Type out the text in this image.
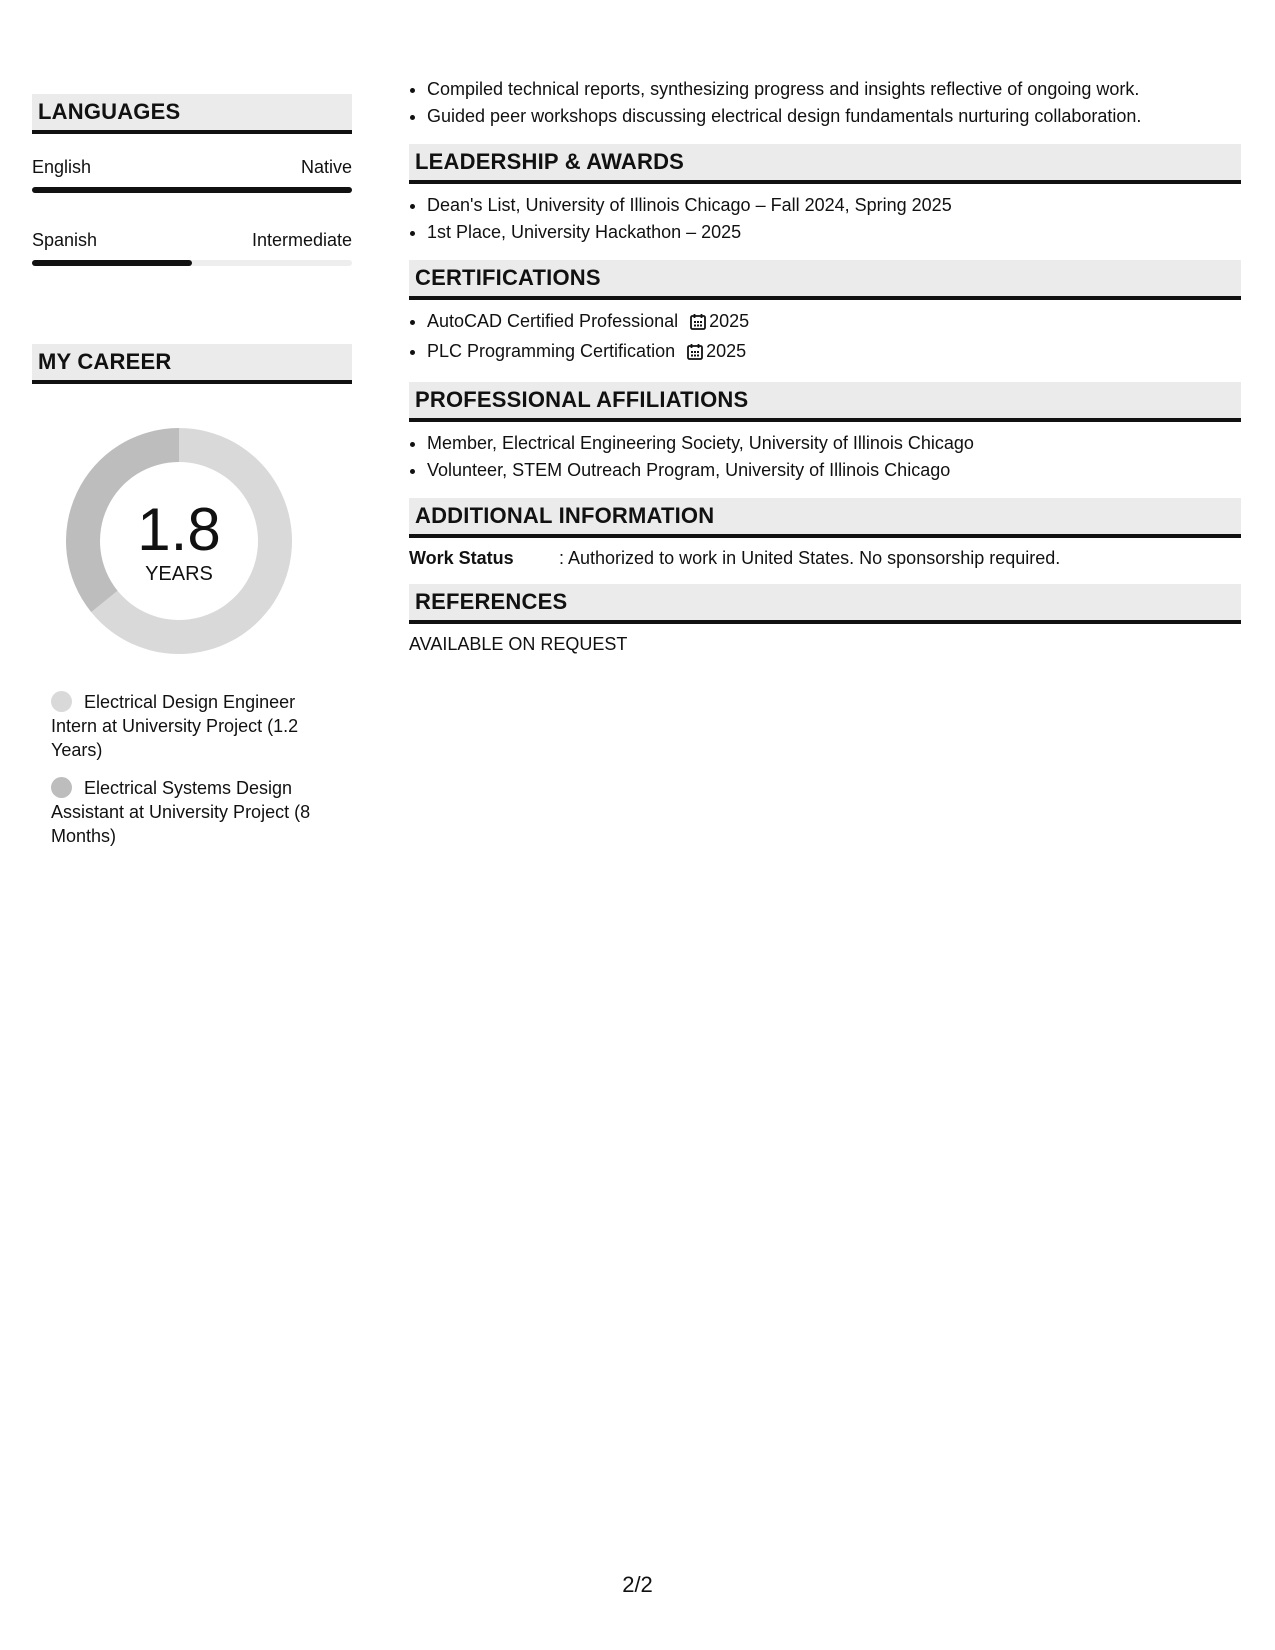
LANGUAGES
English	Native
Spanish	Intermediate
MY CAREER
1.8
YEARS
Electrical Design Engineer Intern at University Project (1.2 Years)
Electrical Systems Design Assistant at University Project (8 Months)
• Compiled technical reports, synthesizing progress and insights reflective of ongoing work.
• Guided peer workshops discussing electrical design fundamentals nurturing collaboration.
LEADERSHIP & AWARDS
• Dean's List, University of Illinois Chicago – Fall 2024, Spring 2025
• 1st Place, University Hackathon – 2025
CERTIFICATIONS
• AutoCAD Certified Professional 2025
• PLC Programming Certification 2025
PROFESSIONAL AFFILIATIONS
• Member, Electrical Engineering Society, University of Illinois Chicago
• Volunteer, STEM Outreach Program, University of Illinois Chicago
ADDITIONAL INFORMATION
Work Status	: Authorized to work in United States. No sponsorship required.
REFERENCES
AVAILABLE ON REQUEST
2/2
